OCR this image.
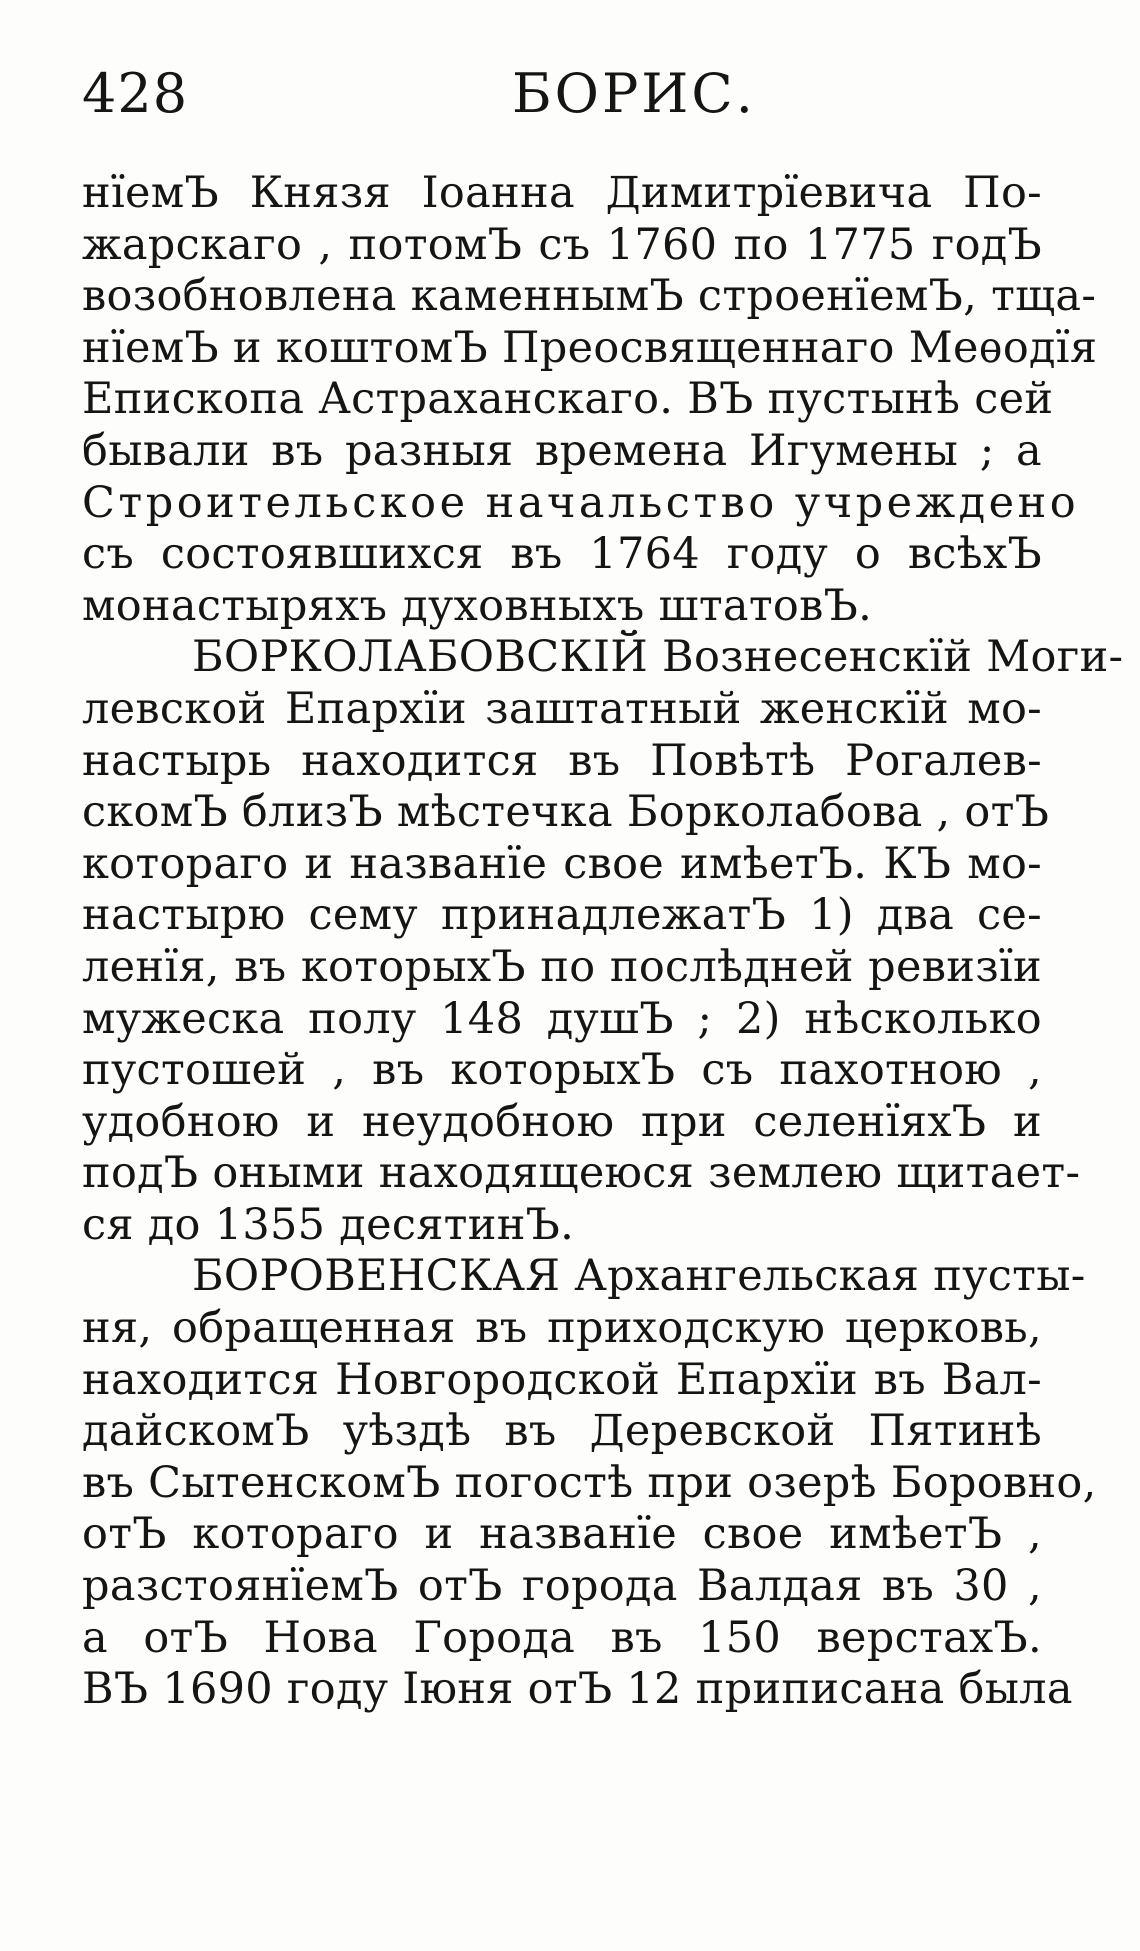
428	БОРИС.
нїемЪ Князя Iоанна Димитрїевича По-
жарскаго , потомЪ съ 1760 по 1775 годЪ
возобновлена каменнымЪ строенїемЪ, тща-
нїемЪ и коштомЪ Преосвященнаго Меѳодїя
Епископа Астраханскаго. ВЪ пустынѣ сей
бывали въ разныя времена Игумены ; а
Строительское начальство учреждено
съ состоявшихся въ 1764 году о всѣхЪ
монастыряхъ духовныхъ штатовЪ.
БОРКОЛАБОВСКIЙ Вознесенскїй Моги-
левской Епархїи заштатный женскїй мо-
настырь находится въ Повѣтѣ Рогалев-
скомЪ близЪ мѣстечка Борколабова , отЪ
котораго и названїе свое имѣетЪ. КЪ мо-
настырю сему принадлежатЪ 1) два се-
ленїя, въ которыхЪ по послѣдней ревизїи
мужеска полу 148 душЪ ; 2) нѣсколько
пустошей , въ которыхЪ съ пахотною ,
удобною и неудобною при селенїяхЪ и
подЪ оными находящеюся землею щитает-
ся до 1355 десятинЪ.
БОРОВЕНСКАЯ Архангельская пусты-
ня, обращенная въ приходскую церковь,
находится Новгородской Епархїи въ Вал-
дайскомЪ уѣздѣ въ Деревской Пятинѣ
въ СытенскомЪ погостѣ при озерѣ Боровно,
отЪ котораго и названїе свое имѣетЪ ,
разстоянїемЪ отЪ города Валдая въ 30 ,
а отЪ Нова Города въ 150 верстахЪ.
ВЪ 1690 году Iюня отЪ 12 приписана была
